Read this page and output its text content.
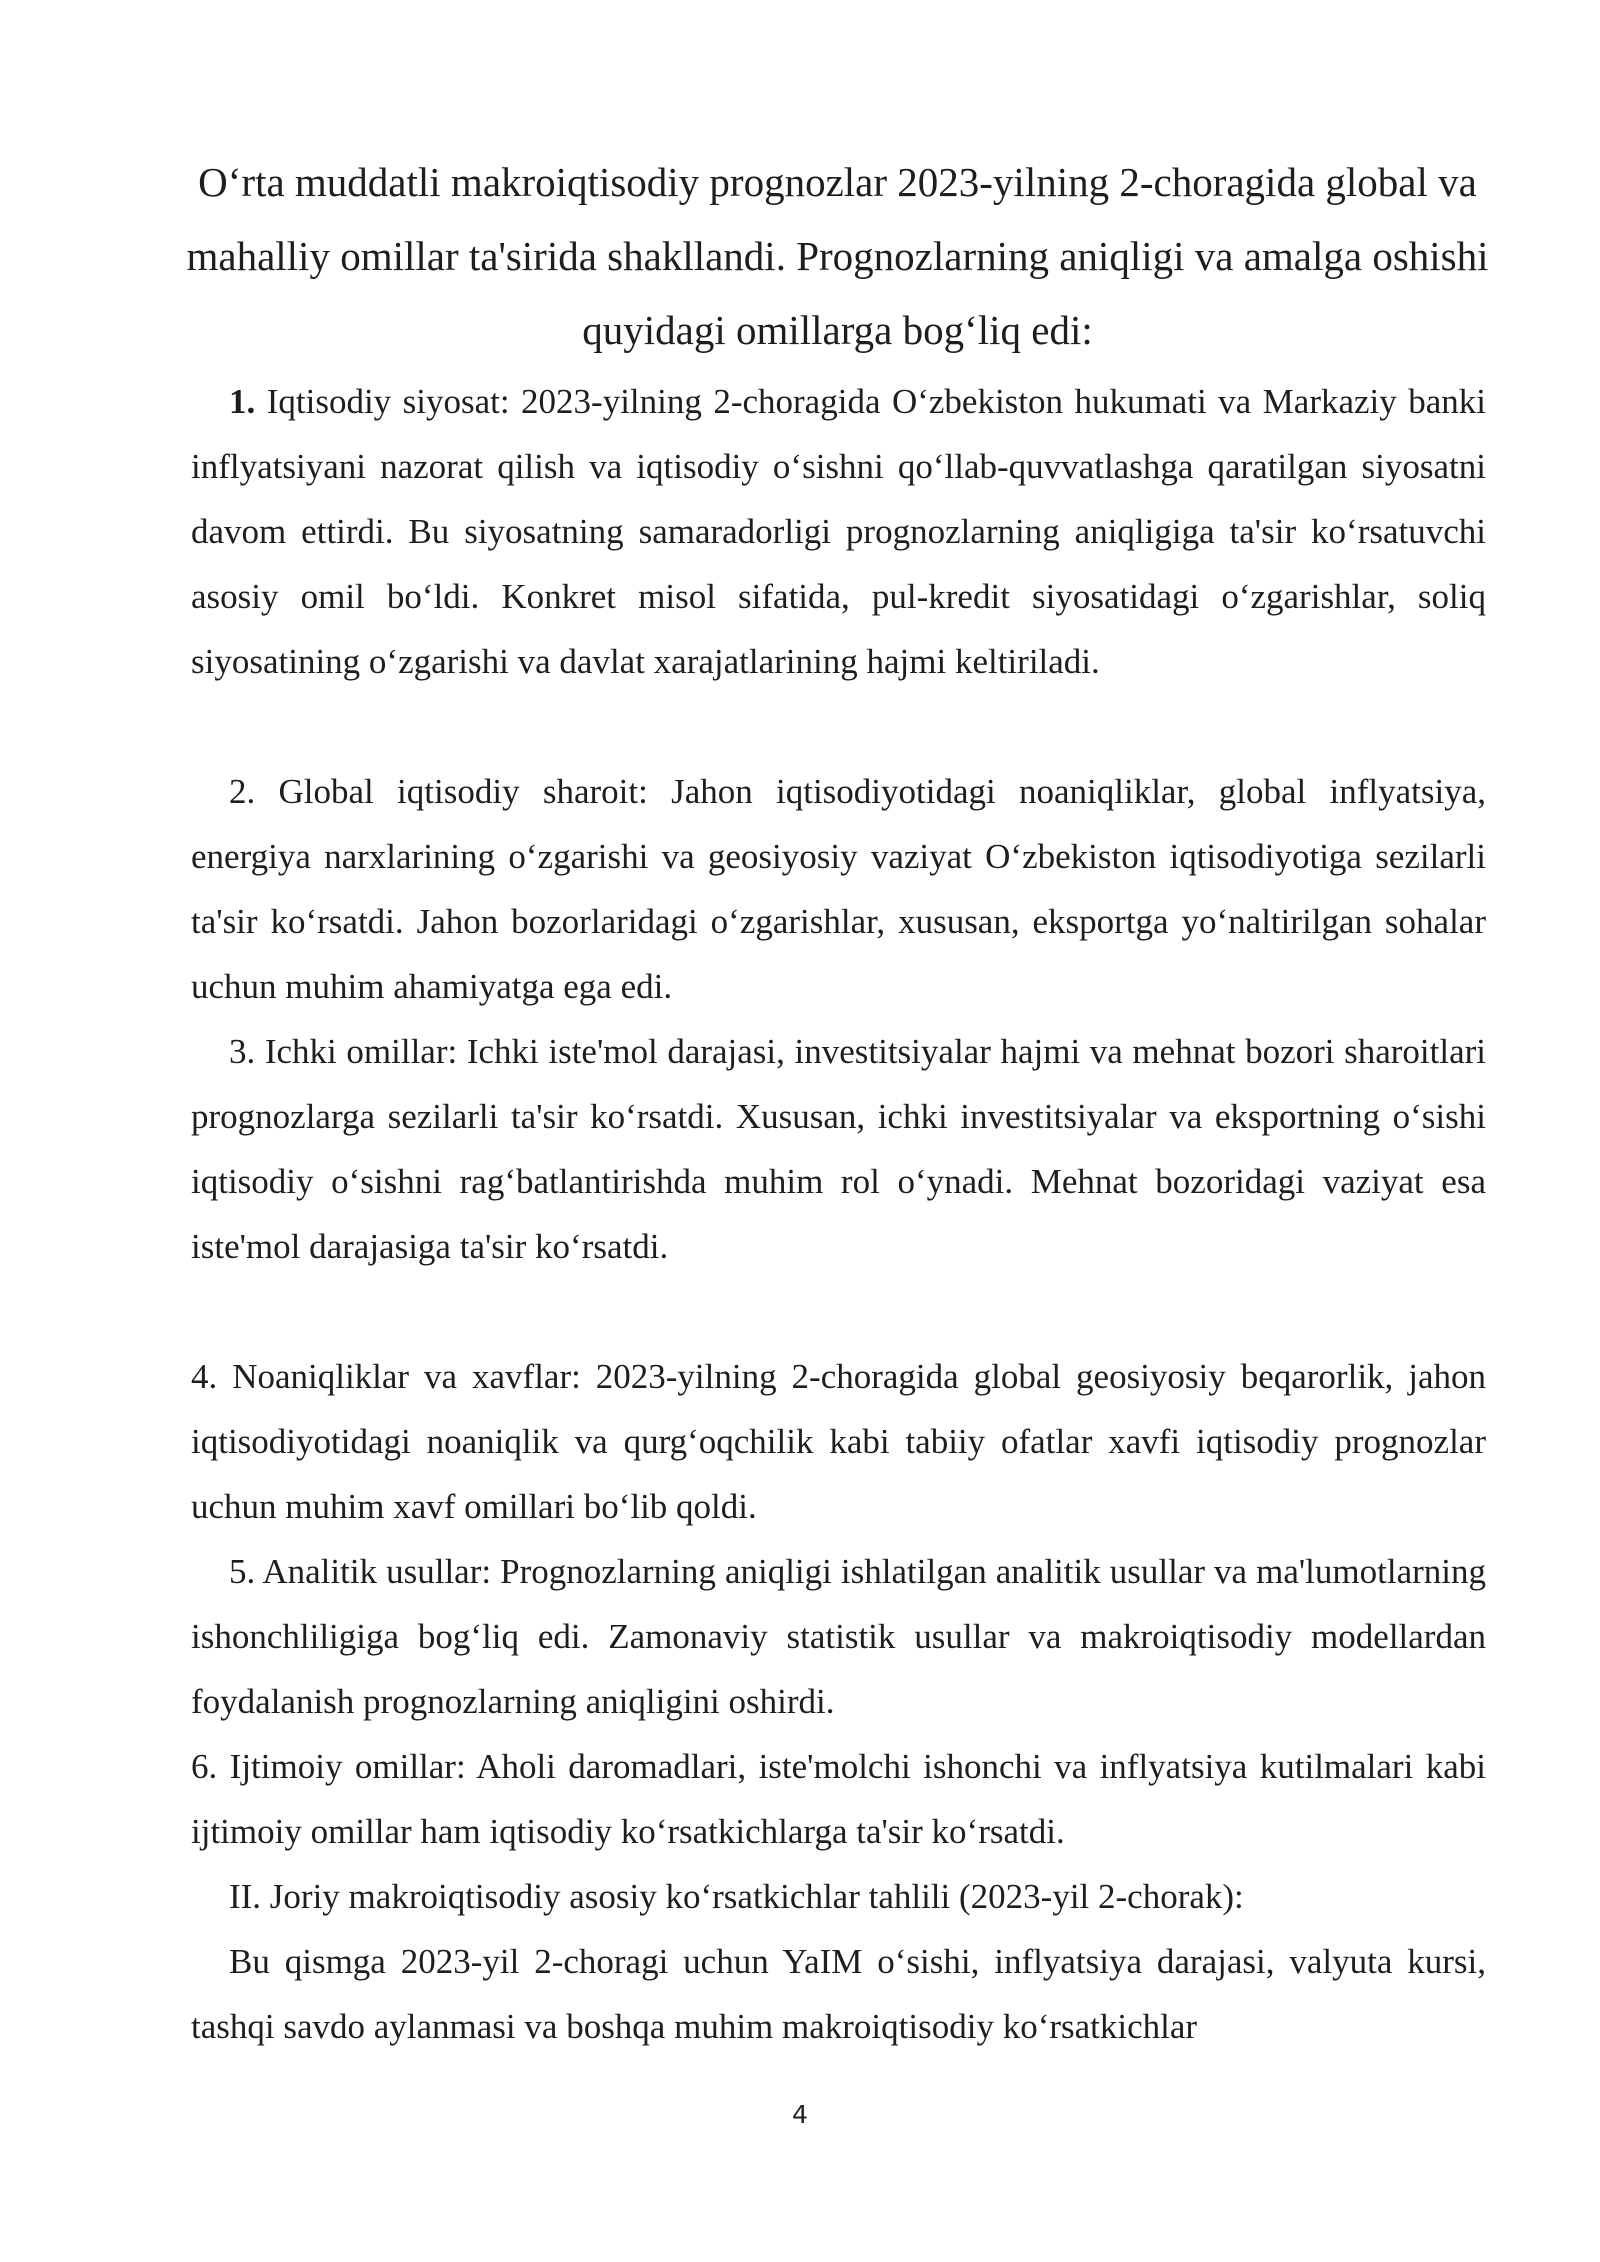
O‘rta muddatli makroiqtisodiy prognozlar 2023-yilning 2-choragida global va mahalliy omillar ta'sirida shakllandi. Prognozlarning aniqligi va amalga oshishi quyidagi omillarga bog‘liq edi:

1. Iqtisodiy siyosat: 2023-yilning 2-choragida O‘zbekiston hukumati va Markaziy banki inflyatsiyani nazorat qilish va iqtisodiy o‘sishni qo‘llab-quvvatlashga qaratilgan siyosatni davom ettirdi. Bu siyosatning samaradorligi prognozlarning aniqligiga ta'sir ko‘rsatuvchi asosiy omil bo‘ldi. Konkret misol sifatida, pul-kredit siyosatidagi o‘zgarishlar, soliq siyosatining o‘zgarishi va davlat xarajatlarining hajmi keltiriladi.

2. Global iqtisodiy sharoit: Jahon iqtisodiyotidagi noaniqliklar, global inflyatsiya, energiya narxlarining o‘zgarishi va geosiyosiy vaziyat O‘zbekiston iqtisodiyotiga sezilarli ta'sir ko‘rsatdi. Jahon bozorlaridagi o‘zgarishlar, xususan, eksportga yo‘naltirilgan sohalar uchun muhim ahamiyatga ega edi.

3. Ichki omillar: Ichki iste'mol darajasi, investitsiyalar hajmi va mehnat bozori sharoitlari prognozlarga sezilarli ta'sir ko‘rsatdi. Xususan, ichki investitsiyalar va eksportning o‘sishi iqtisodiy o‘sishni rag‘batlantirishda muhim rol o‘ynadi. Mehnat bozoridagi vaziyat esa iste'mol darajasiga ta'sir ko‘rsatdi.

4. Noaniqliklar va xavflar: 2023-yilning 2-choragida global geosiyosiy beqarorlik, jahon iqtisodiyotidagi noaniqlik va qurg‘oqchilik kabi tabiiy ofatlar xavfi iqtisodiy prognozlar uchun muhim xavf omillari bo‘lib qoldi.

5. Analitik usullar: Prognozlarning aniqligi ishlatilgan analitik usullar va ma'lumotlarning ishonchliligiga bog‘liq edi. Zamonaviy statistik usullar va makroiqtisodiy modellardan foydalanish prognozlarning aniqligini oshirdi.

6. Ijtimoiy omillar: Aholi daromadlari, iste'molchi ishonchi va inflyatsiya kutilmalari kabi ijtimoiy omillar ham iqtisodiy ko‘rsatkichlarga ta'sir ko‘rsatdi.

II. Joriy makroiqtisodiy asosiy ko‘rsatkichlar tahlili (2023-yil 2-chorak):

Bu qismga 2023-yil 2-choragi uchun YaIM o‘sishi, inflyatsiya darajasi, valyuta kursi, tashqi savdo aylanmasi va boshqa muhim makroiqtisodiy ko‘rsatkichlar

4
